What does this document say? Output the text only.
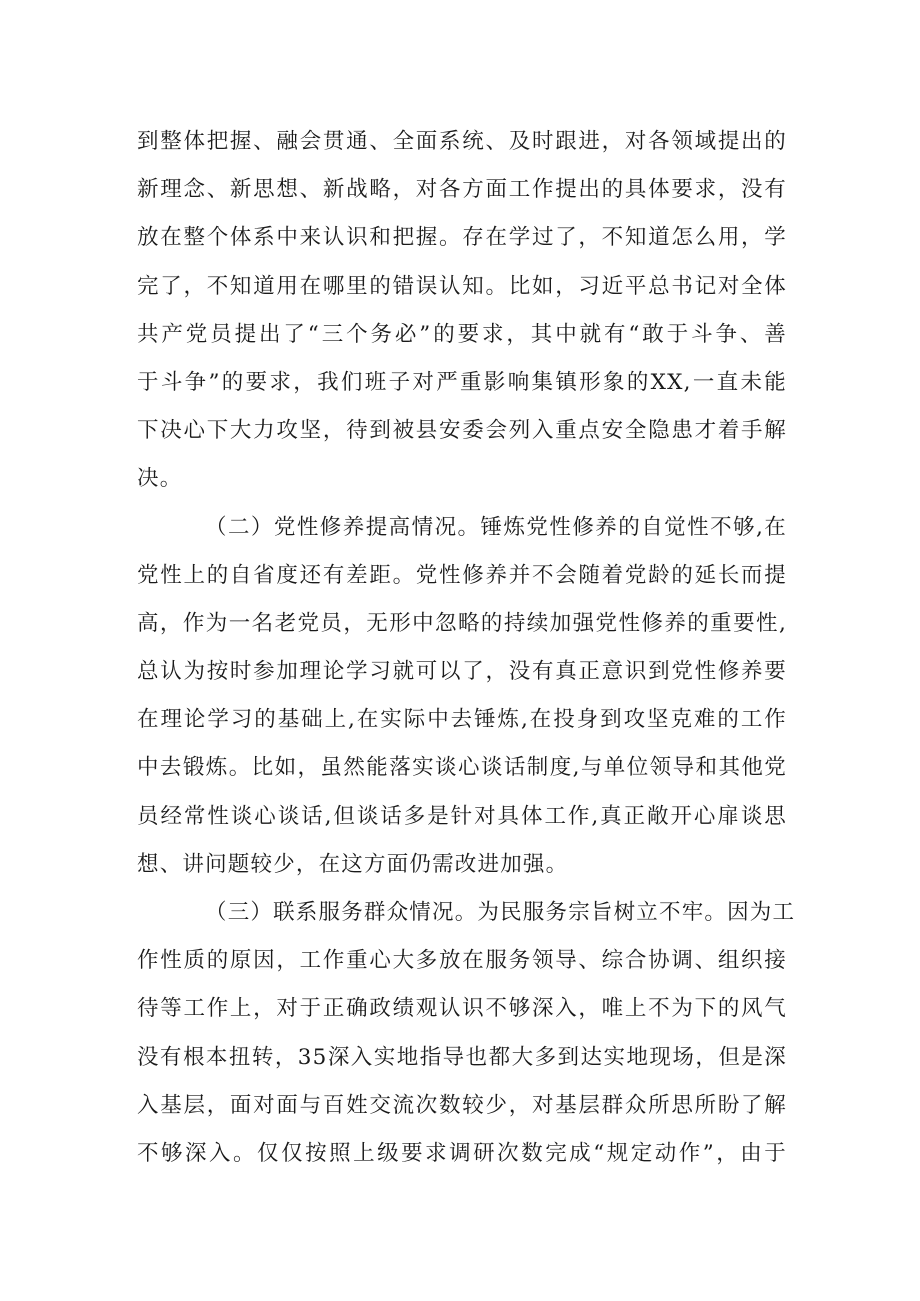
到整体把握、融会贯通、全面系统、及时跟进，对各领域提出的
新理念、新思想、新战略，对各方面工作提出的具体要求，没有
放在整个体系中来认识和把握。存在学过了，不知道怎么用，学
完了，不知道用在哪里的错误认知。比如，习近平总书记对全体
共产党员提出了“三个务必”的要求，其中就有“敢于斗争、善
于斗争”的要求，我们班子对严重影响集镇形象的XX,一直未能
下决心下大力攻坚，待到被县安委会列入重点安全隐患才着手解
决。
（二）党性修养提高情况。锤炼党性修养的自觉性不够,在
党性上的自省度还有差距。党性修养并不会随着党龄的延长而提
高，作为一名老党员，无形中忽略的持续加强党性修养的重要性,
总认为按时参加理论学习就可以了，没有真正意识到党性修养要
在理论学习的基础上,在实际中去锤炼,在投身到攻坚克难的工作
中去锻炼。比如，虽然能落实谈心谈话制度,与单位领导和其他党
员经常性谈心谈话,但谈话多是针对具体工作,真正敞开心扉谈思
想、讲问题较少，在这方面仍需改进加强。
（三）联系服务群众情况。为民服务宗旨树立不牢。因为工
作性质的原因，工作重心大多放在服务领导、综合协调、组织接
待等工作上，对于正确政绩观认识不够深入，唯上不为下的风气
没有根本扭转，35深入实地指导也都大多到达实地现场，但是深
入基层，面对面与百姓交流次数较少，对基层群众所思所盼了解
不够深入。仅仅按照上级要求调研次数完成“规定动作”，由于
